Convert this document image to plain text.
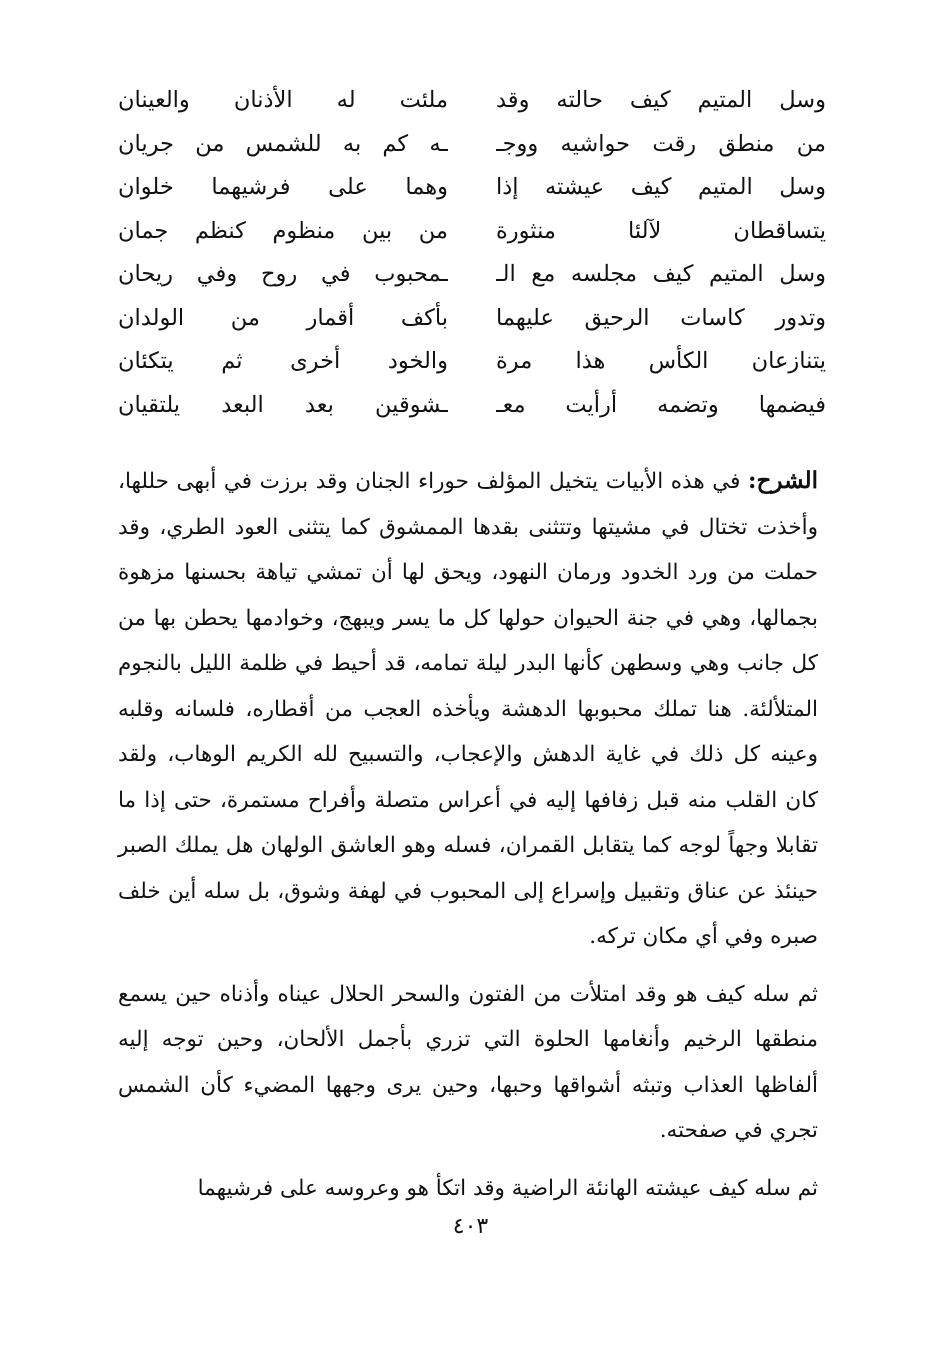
وسل المتيم كيف حالته وقد
من منطق رقت حواشيه ووجـ
وسل المتيم كيف عيشته إذا
يتساقطان لآلئا منثورة
وسل المتيم كيف مجلسه مع الـ
وتدور كاسات الرحيق عليهما
يتنازعان الكأس هذا مرة
فيضمها وتضمه أرأيت معـ
ملئت له الأذنان والعينان
ـه كم به للشمس من جريان
وهما على فرشيهما خلوان
من بين منظوم كنظم جمان
ـمحبوب في روح وفي ريحان
بأكف أقمار من الولدان
والخود أخرى ثم يتكئان
ـشوقين بعد البعد يلتقيان

الشرح: في هذه الأبيات يتخيل المؤلف حوراء الجنان وقد برزت في أبهى حللها، وأخذت تختال في مشيتها وتتثنى بقدها الممشوق كما يتثنى العود الطري، وقد حملت من ورد الخدود ورمان النهود، ويحق لها أن تمشي تياهة بحسنها مزهوة بجمالها، وهي في جنة الحيوان حولها كل ما يسر ويبهج، وخوادمها يحطن بها من كل جانب وهي وسطهن كأنها البدر ليلة تمامه، قد أحيط في ظلمة الليل بالنجوم المتلألئة. هنا تملك محبوبها الدهشة ويأخذه العجب من أقطاره، فلسانه وقلبه وعينه كل ذلك في غاية الدهش والإعجاب، والتسبيح لله الكريم الوهاب، ولقد كان القلب منه قبل زفافها إليه في أعراس متصلة وأفراح مستمرة، حتى إذا ما تقابلا وجهاً لوجه كما يتقابل القمران، فسله وهو العاشق الولهان هل يملك الصبر حينئذ عن عناق وتقبيل وإسراع إلى المحبوب في لهفة وشوق، بل سله أين خلف صبره وفي أي مكان تركه.

ثم سله كيف هو وقد امتلأت من الفتون والسحر الحلال عيناه وأذناه حين يسمع منطقها الرخيم وأنغامها الحلوة التي تزري بأجمل الألحان، وحين توجه إليه ألفاظها العذاب وتبثه أشواقها وحبها، وحين يرى وجهها المضيء كأن الشمس تجري في صفحته.

ثم سله كيف عيشته الهانئة الراضية وقد اتكأ هو وعروسه على فرشيهما

٤٠٣
